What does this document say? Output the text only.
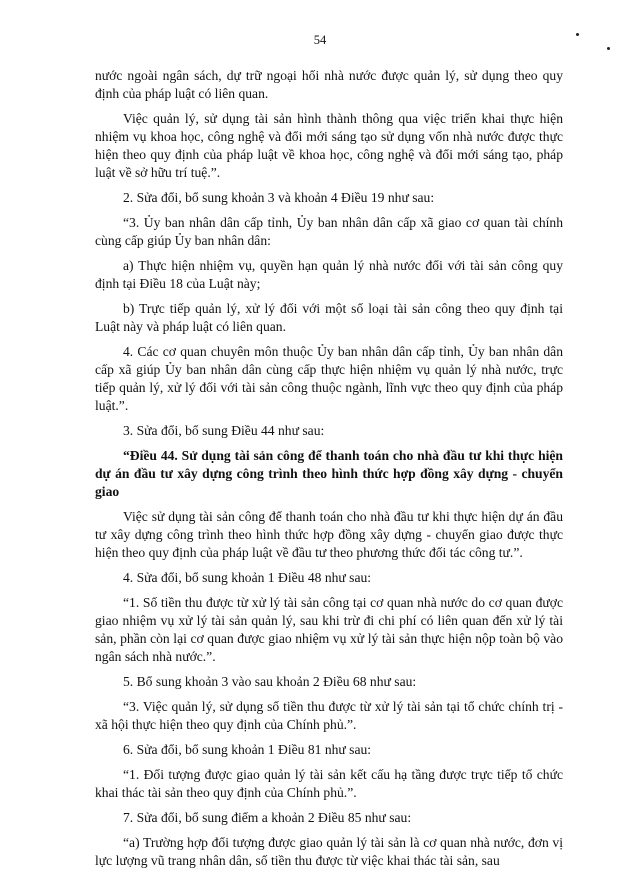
54

nước ngoài ngân sách, dự trữ ngoại hối nhà nước được quản lý, sử dụng theo quy định của pháp luật có liên quan.

Việc quản lý, sử dụng tài sản hình thành thông qua việc triển khai thực hiện nhiệm vụ khoa học, công nghệ và đổi mới sáng tạo sử dụng vốn nhà nước được thực hiện theo quy định của pháp luật về khoa học, công nghệ và đổi mới sáng tạo, pháp luật về sở hữu trí tuệ.”.

2. Sửa đổi, bổ sung khoản 3 và khoản 4 Điều 19 như sau:

“3. Ủy ban nhân dân cấp tỉnh, Ủy ban nhân dân cấp xã giao cơ quan tài chính cùng cấp giúp Ủy ban nhân dân:

a) Thực hiện nhiệm vụ, quyền hạn quản lý nhà nước đối với tài sản công quy định tại Điều 18 của Luật này;

b) Trực tiếp quản lý, xử lý đối với một số loại tài sản công theo quy định tại Luật này và pháp luật có liên quan.

4. Các cơ quan chuyên môn thuộc Ủy ban nhân dân cấp tỉnh, Ủy ban nhân dân cấp xã giúp Ủy ban nhân dân cùng cấp thực hiện nhiệm vụ quản lý nhà nước, trực tiếp quản lý, xử lý đối với tài sản công thuộc ngành, lĩnh vực theo quy định của pháp luật.”.

3. Sửa đổi, bổ sung Điều 44 như sau:

“Điều 44. Sử dụng tài sản công để thanh toán cho nhà đầu tư khi thực hiện dự án đầu tư xây dựng công trình theo hình thức hợp đồng xây dựng - chuyển giao

Việc sử dụng tài sản công để thanh toán cho nhà đầu tư khi thực hiện dự án đầu tư xây dựng công trình theo hình thức hợp đồng xây dựng - chuyển giao được thực hiện theo quy định của pháp luật về đầu tư theo phương thức đối tác công tư.”.

4. Sửa đổi, bổ sung khoản 1 Điều 48 như sau:

“1. Số tiền thu được từ xử lý tài sản công tại cơ quan nhà nước do cơ quan được giao nhiệm vụ xử lý tài sản quản lý, sau khi trừ đi chi phí có liên quan đến xử lý tài sản, phần còn lại cơ quan được giao nhiệm vụ xử lý tài sản thực hiện nộp toàn bộ vào ngân sách nhà nước.”.

5. Bổ sung khoản 3 vào sau khoản 2 Điều 68 như sau:

“3. Việc quản lý, sử dụng số tiền thu được từ xử lý tài sản tại tổ chức chính trị - xã hội thực hiện theo quy định của Chính phủ.”.

6. Sửa đổi, bổ sung khoản 1 Điều 81 như sau:

“1. Đối tượng được giao quản lý tài sản kết cấu hạ tầng được trực tiếp tổ chức khai thác tài sản theo quy định của Chính phủ.”.

7. Sửa đổi, bổ sung điểm a khoản 2 Điều 85 như sau:

“a) Trường hợp đối tượng được giao quản lý tài sản là cơ quan nhà nước, đơn vị lực lượng vũ trang nhân dân, số tiền thu được từ việc khai thác tài sản, sau
